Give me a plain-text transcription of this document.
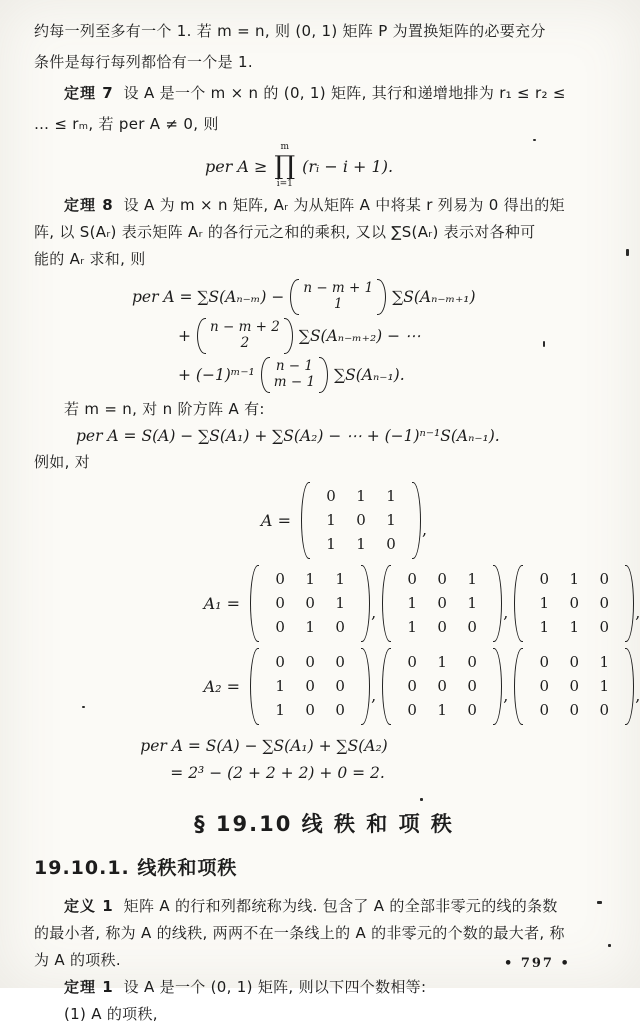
约每一列至多有一个 1. 若 m = n, 则 (0, 1) 矩阵 P 为置换矩阵的必要充分
条件是每行每列都恰有一个是 1.
定理 7 设 A 是一个 m × n 的 (0, 1) 矩阵, 其行和递增地排为 r₁ ≤ r₂ ≤
… ≤ rₘ, 若 per A ≠ 0, 则
per A ≥
m
∏
i=1
(rᵢ − i + 1).
定理 8 设 A 为 m × n 矩阵, Aᵣ 为从矩阵 A 中将某 r 列易为 0 得出的矩
阵, 以 S(Aᵣ) 表示矩阵 Aᵣ 的各行元之和的乘积, 又以 ∑S(Aᵣ) 表示对各种可
能的 Aᵣ 求和, 则
per A = ∑S(Aₙ₋ₘ) − n − m + 1
1	∑S(Aₙ₋ₘ₊₁)
+ n − m + 2
2	∑S(Aₙ₋ₘ₊₂) − ⋯
+ (−1)ᵐ⁻¹ n − 1
m − 1 ∑S(Aₙ₋₁).
若 m = n, 对 n 阶方阵 A 有:
per A = S(A) − ∑S(A₁) + ∑S(A₂) − ⋯ + (−1)ⁿ⁻¹S(Aₙ₋₁).
例如, 对
A =
0	1	1
1	0	1
1	1	0
,
A₁ =
0	1	1
0	0	1
0	1	0
,
0	0	1
1	0	1
1	0	0
,
0	1	0
1	0	0
1	1	0
,
A₂ =
0	0	0
1	0	0
1	0	0
,
0	1	0
0	0	0
0	1	0
,
0	0	1
0	0	1
0	0	0
,
per A = S(A) − ∑S(A₁) + ∑S(A₂)
= 2³ − (2 + 2 + 2) + 0 = 2.
§ 19.10 线 秩 和 项 秩
19.10.1. 线秩和项秩
定义 1 矩阵 A 的行和列都统称为线. 包含了 A 的全部非零元的线的条数
的最小者, 称为 A 的线秩, 两两不在一条线上的 A 的非零元的个数的最大者, 称
为 A 的项秩.
定理 1 设 A 是一个 (0, 1) 矩阵, 则以下四个数相等:
(1) A 的项秩,
• 797 •
